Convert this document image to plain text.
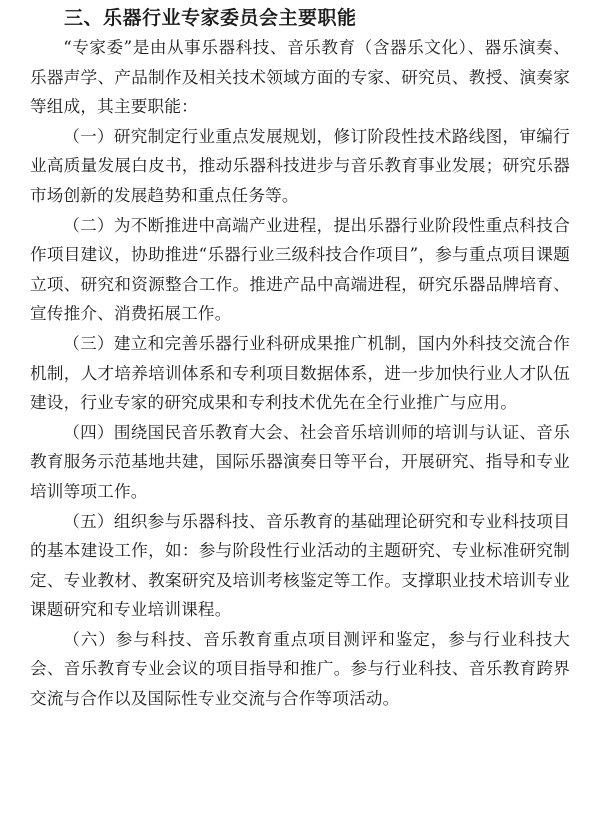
三、乐器行业专家委员会主要职能

“专家委”是由从事乐器科技、音乐教育（含器乐文化）、器乐演奏、乐器声学、产品制作及相关技术领域方面的专家、研究员、教授、演奏家等组成，其主要职能：

（一）研究制定行业重点发展规划，修订阶段性技术路线图，审编行业高质量发展白皮书，推动乐器科技进步与音乐教育事业发展；研究乐器市场创新的发展趋势和重点任务等。

（二）为不断推进中高端产业进程，提出乐器行业阶段性重点科技合作项目建议，协助推进“乐器行业三级科技合作项目”，参与重点项目课题立项、研究和资源整合工作。推进产品中高端进程，研究乐器品牌培育、宣传推介、消费拓展工作。

（三）建立和完善乐器行业科研成果推广机制，国内外科技交流合作机制，人才培养培训体系和专利项目数据体系，进一步加快行业人才队伍建设，行业专家的研究成果和专利技术优先在全行业推广与应用。

（四）围绕国民音乐教育大会、社会音乐培训师的培训与认证、音乐教育服务示范基地共建，国际乐器演奏日等平台，开展研究、指导和专业培训等项工作。

（五）组织参与乐器科技、音乐教育的基础理论研究和专业科技项目的基本建设工作，如：参与阶段性行业活动的主题研究、专业标准研究制定、专业教材、教案研究及培训考核鉴定等工作。支撑职业技术培训专业课题研究和专业培训课程。

（六）参与科技、音乐教育重点项目测评和鉴定，参与行业科技大会、音乐教育专业会议的项目指导和推广。参与行业科技、音乐教育跨界交流与合作以及国际性专业交流与合作等项活动。
